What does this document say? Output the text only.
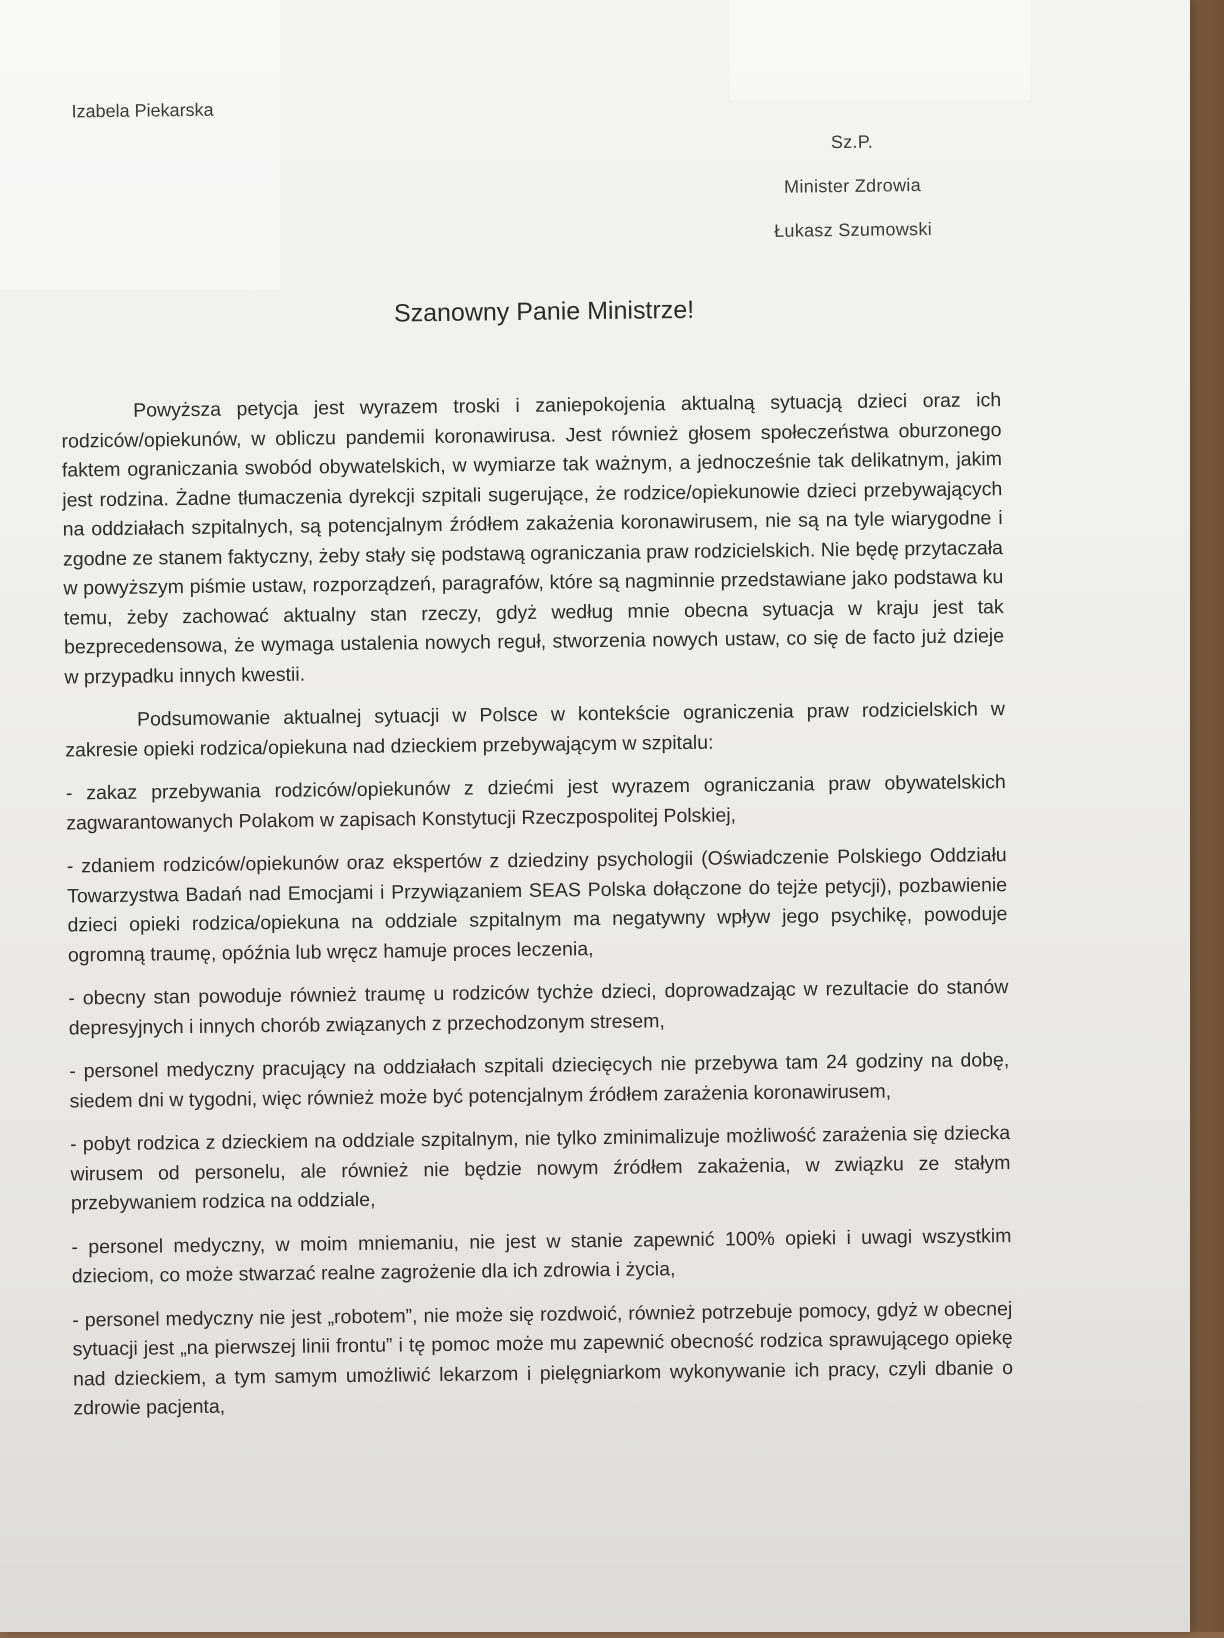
Izabela Piekarska
Sz.P.
Minister Zdrowia
Łukasz Szumowski
Szanowny Panie Ministrze!

Powyższa petycja jest wyrazem troski i zaniepokojenia aktualną sytuacją dzieci oraz ich rodziców/opiekunów, w obliczu pandemii koronawirusa. Jest również głosem społeczeństwa oburzonego faktem ograniczania swobód obywatelskich, w wymiarze tak ważnym, a jednocześnie tak delikatnym, jakim jest rodzina. Żadne tłumaczenia dyrekcji szpitali sugerujące, że rodzice/opiekunowie dzieci przebywających na oddziałach szpitalnych, są potencjalnym źródłem zakażenia koronawirusem, nie są na tyle wiarygodne i zgodne ze stanem faktyczny, żeby stały się podstawą ograniczania praw rodzicielskich. Nie będę przytaczała w powyższym piśmie ustaw, rozporządzeń, paragrafów, które są nagminnie przedstawiane jako podstawa ku temu, żeby zachować aktualny stan rzeczy, gdyż według mnie obecna sytuacja w kraju jest tak bezprecedensowa, że wymaga ustalenia nowych reguł, stworzenia nowych ustaw, co się de facto już dzieje w przypadku innych kwestii.

Podsumowanie aktualnej sytuacji w Polsce w kontekście ograniczenia praw rodzicielskich w zakresie opieki rodzica/opiekuna nad dzieckiem przebywającym w szpitalu:

- zakaz przebywania rodziców/opiekunów z dziećmi jest wyrazem ograniczania praw obywatelskich zagwarantowanych Polakom w zapisach Konstytucji Rzeczpospolitej Polskiej,

- zdaniem rodziców/opiekunów oraz ekspertów z dziedziny psychologii (Oświadczenie Polskiego Oddziału Towarzystwa Badań nad Emocjami i Przywiązaniem SEAS Polska dołączone do tejże petycji), pozbawienie dzieci opieki rodzica/opiekuna na oddziale szpitalnym ma negatywny wpływ jego psychikę, powoduje ogromną traumę, opóźnia lub wręcz hamuje proces leczenia,

- obecny stan powoduje również traumę u rodziców tychże dzieci, doprowadzając w rezultacie do stanów depresyjnych i innych chorób związanych z przechodzonym stresem,

- personel medyczny pracujący na oddziałach szpitali dziecięcych nie przebywa tam 24 godziny na dobę, siedem dni w tygodni, więc również może być potencjalnym źródłem zarażenia koronawirusem,

- pobyt rodzica z dzieckiem na oddziale szpitalnym, nie tylko zminimalizuje możliwość zarażenia się dziecka wirusem od personelu, ale również nie będzie nowym źródłem zakażenia, w związku ze stałym przebywaniem rodzica na oddziale,

- personel medyczny, w moim mniemaniu, nie jest w stanie zapewnić 100% opieki i uwagi wszystkim dzieciom, co może stwarzać realne zagrożenie dla ich zdrowia i życia,

- personel medyczny nie jest „robotem”, nie może się rozdwoić, również potrzebuje pomocy, gdyż w obecnej sytuacji jest „na pierwszej linii frontu” i tę pomoc może mu zapewnić obecność rodzica sprawującego opiekę nad dzieckiem, a tym samym umożliwić lekarzom i pielęgniarkom wykonywanie ich pracy, czyli dbanie o zdrowie pacjenta,
